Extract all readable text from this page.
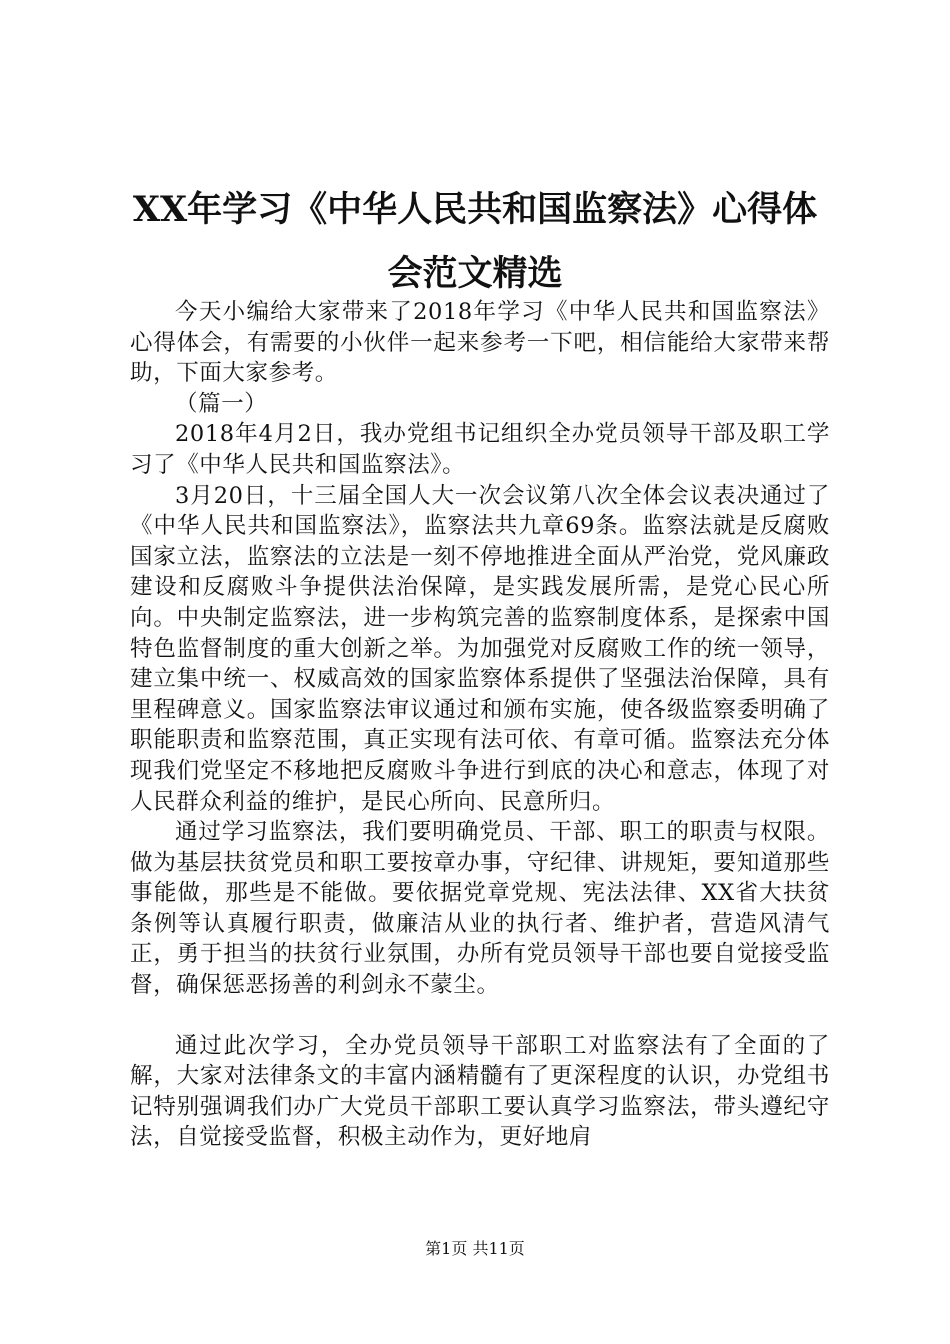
XX年学习《中华人民共和国监察法》心得体会范文精选

今天小编给大家带来了2018年学习《中华人民共和国监察法》心得体会，有需要的小伙伴一起来参考一下吧，相信能给大家带来帮助，下面大家参考。

（篇一）

2018年4月2日，我办党组书记组织全办党员领导干部及职工学习了《中华人民共和国监察法》。

3月20日，十三届全国人大一次会议第八次全体会议表决通过了《中华人民共和国监察法》，监察法共九章69条。监察法就是反腐败国家立法，监察法的立法是一刻不停地推进全面从严治党，党风廉政建设和反腐败斗争提供法治保障，是实践发展所需，是党心民心所向。中央制定监察法，进一步构筑完善的监察制度体系，是探索中国特色监督制度的重大创新之举。为加强党对反腐败工作的统一领导，建立集中统一、权威高效的国家监察体系提供了坚强法治保障，具有里程碑意义。国家监察法审议通过和颁布实施，使各级监察委明确了职能职责和监察范围，真正实现有法可依、有章可循。监察法充分体现我们党坚定不移地把反腐败斗争进行到底的决心和意志，体现了对人民群众利益的维护，是民心所向、民意所归。

通过学习监察法，我们要明确党员、干部、职工的职责与权限。做为基层扶贫党员和职工要按章办事，守纪律、讲规矩，要知道那些事能做，那些是不能做。要依据党章党规、宪法法律、XX省大扶贫条例等认真履行职责，做廉洁从业的执行者、维护者，营造风清气正，勇于担当的扶贫行业氛围，办所有党员领导干部也要自觉接受监督，确保惩恶扬善的利剑永不蒙尘。

通过此次学习，全办党员领导干部职工对监察法有了全面的了解，大家对法律条文的丰富内涵精髓有了更深程度的认识，办党组书记特别强调我们办广大党员干部职工要认真学习监察法，带头遵纪守法，自觉接受监督，积极主动作为，更好地肩

第1页 共11页
